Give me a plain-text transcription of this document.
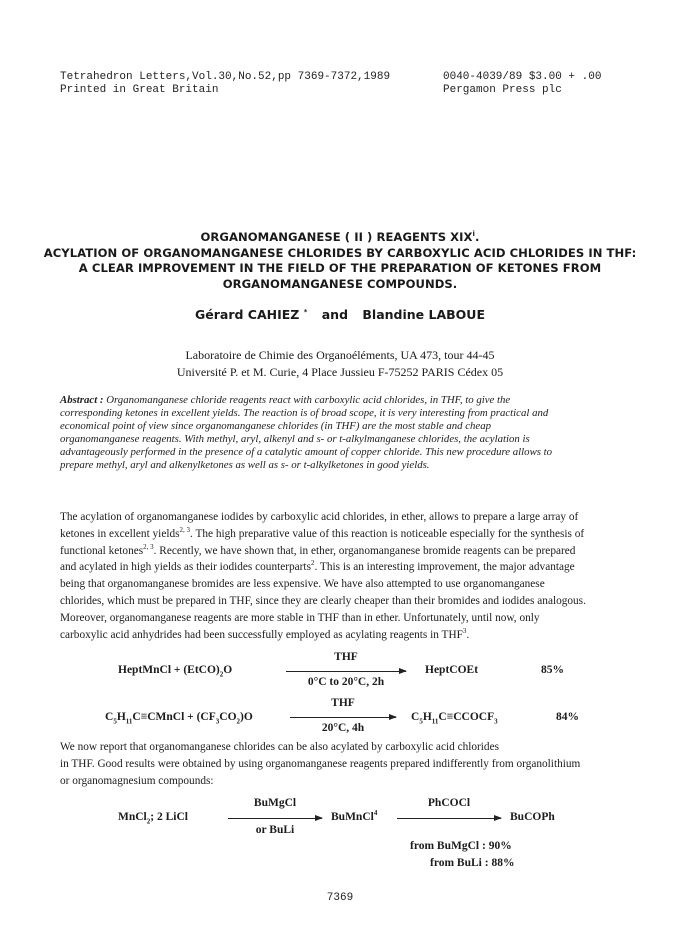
Tetrahedron Letters,Vol.30,No.52,pp 7369-7372,1989
Printed in Great Britain
0040-4039/89 $3.00 + .00
Pergamon Press plc
ORGANOMANGANESE ( II ) REAGENTS XIX$^i$.
ACYLATION OF ORGANOMANGANESE CHLORIDES BY CARBOXYLIC ACID CHLORIDES IN THF:
A CLEAR IMPROVEMENT IN THE FIELD OF THE PREPARATION OF KETONES FROM
ORGANOMANGANESE COMPOUNDS.
Gérard CAHIEZ * and Blandine LABOUE
Laboratoire de Chimie des Organoéléments, UA 473, tour 44-45
Université P. et M. Curie, 4 Place Jussieu F-75252 PARIS Cédex 05
Abstract : Organomanganese chloride reagents react with carboxylic acid chlorides, in THF, to give the
corresponding ketones in excellent yields. The reaction is of broad scope, it is very interesting from practical and
economical point of view since organomanganese chlorides (in THF) are the most stable and cheap
organomanganese reagents. With methyl, aryl, alkenyl and s- or t-alkylmanganese chlorides, the acylation is
advantageously performed in the presence of a catalytic amount of copper chloride. This new procedure allows to
prepare methyl, aryl and alkenylketones as well as s- or t-alkylketones in good yields.
The acylation of organomanganese iodides by carboxylic acid chlorides, in ether, allows to prepare a large array of
ketones in excellent yields$^{2, 3}$. The high preparative value of this reaction is noticeable especially for the synthesis of
functional ketones$^{2, 3}$. Recently, we have shown that, in ether, organomanganese bromide reagents can be prepared
and acylated in high yields as their iodides counterparts$^2$. This is an interesting improvement, the major advantage
being that organomanganese bromides are less expensive. We have also attempted to use organomanganese
chlorides, which must be prepared in THF, since they are clearly cheaper than their bromides and iodides analogous.
Moreover, organomanganese reagents are more stable in THF than in ether. Unfortunately, until now, only
carboxylic acid anhydrides had been successfully employed as acylating reagents in THF$^3$.
HeptMnCl + $(EtCO)_2O$
THF
0°C to 20°C, 2h
HeptCOEt	85%
$C_5H_{11}C\equiv CMnCl + (CF_3CO_2)O$
THF
20°C, 4h
$C_5H_{11}C\equiv CCOCF_3$	84%
We now report that organomanganese chlorides can be also acylated by carboxylic acid chlorides
in THF. Good results were obtained by using organomanganese reagents prepared indifferently from organolithium
or organomagnesium compounds:
MnCl$_2$; 2 LiCl
BuMgCl
or BuLi
BuMnCl$^4$
PhCOCl
BuCOPh
from BuMgCl : 90%
from BuLi : 88%
7369
